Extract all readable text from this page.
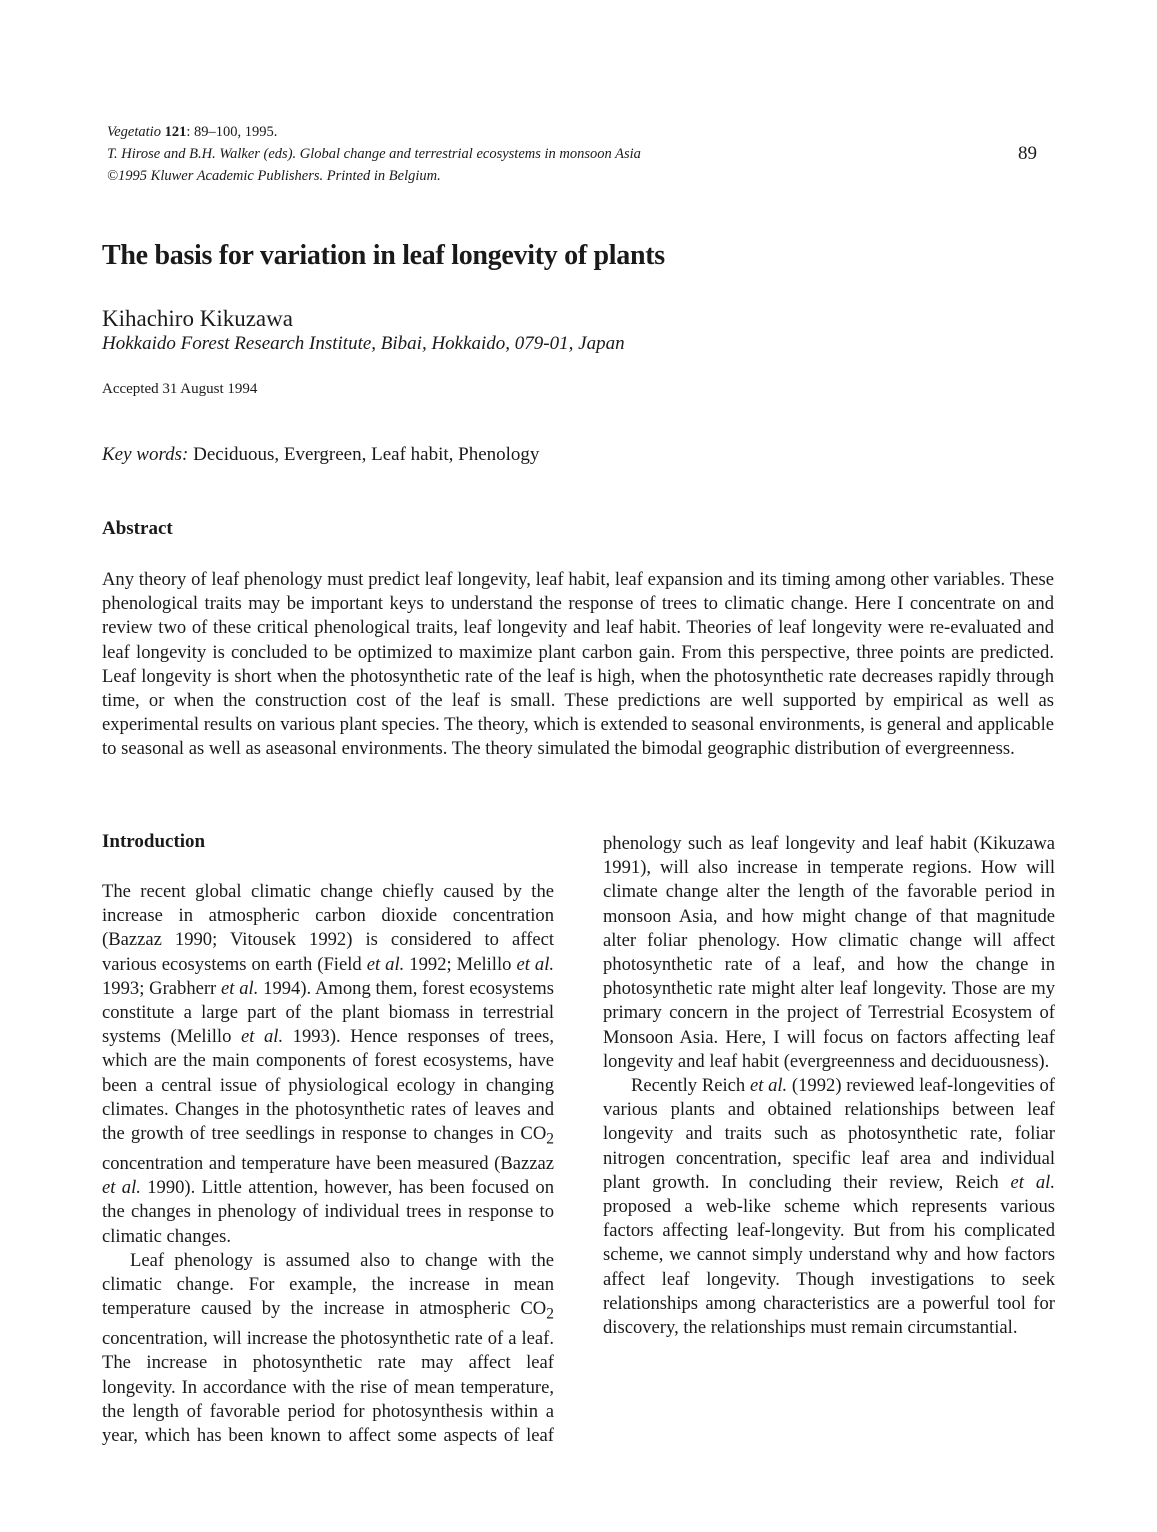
Vegetatio 121: 89–100, 1995.
T. Hirose and B.H. Walker (eds). Global change and terrestrial ecosystems in monsoon Asia
©1995 Kluwer Academic Publishers. Printed in Belgium.
89
The basis for variation in leaf longevity of plants
Kihachiro Kikuzawa
Hokkaido Forest Research Institute, Bibai, Hokkaido, 079-01, Japan
Accepted 31 August 1994
Key words: Deciduous, Evergreen, Leaf habit, Phenology
Abstract

Any theory of leaf phenology must predict leaf longevity, leaf habit, leaf expansion and its timing among other variables. These phenological traits may be important keys to understand the response of trees to climatic change. Here I concentrate on and review two of these critical phenological traits, leaf longevity and leaf habit. Theories of leaf longevity were re-evaluated and leaf longevity is concluded to be optimized to maximize plant carbon gain. From this perspective, three points are predicted. Leaf longevity is short when the photosynthetic rate of the leaf is high, when the photosynthetic rate decreases rapidly through time, or when the construction cost of the leaf is small. These predictions are well supported by empirical as well as experimental results on various plant species. The theory, which is extended to seasonal environments, is general and applicable to seasonal as well as aseasonal environments. The theory simulated the bimodal geographic distribution of evergreenness.

Introduction

The recent global climatic change chiefly caused by the increase in atmospheric carbon dioxide concentration (Bazzaz 1990; Vitousek 1992) is considered to affect various ecosystems on earth (Field et al. 1992; Melillo et al. 1993; Grabherr et al. 1994). Among them, forest ecosystems constitute a large part of the plant biomass in terrestrial systems (Melillo et al. 1993). Hence responses of trees, which are the main components of forest ecosystems, have been a central issue of physiological ecology in changing climates. Changes in the photosynthetic rates of leaves and the growth of tree seedlings in response to changes in $CO_2$ concentration and temperature have been measured (Bazzaz et al. 1990). Little attention, however, has been focused on the changes in phenology of individual trees in response to climatic changes.

Leaf phenology is assumed also to change with the climatic change. For example, the increase in mean temperature caused by the increase in atmospheric $CO_2$ concentration, will increase the photosynthetic rate of a leaf. The increase in photosynthetic rate may affect leaf longevity. In accordance with the rise of mean temperature, the length of favorable period for photosynthesis within a year, which has been known to affect some aspects of leaf

phenology such as leaf longevity and leaf habit (Kikuzawa 1991), will also increase in temperate regions. How will climate change alter the length of the favorable period in monsoon Asia, and how might change of that magnitude alter foliar phenology. How climatic change will affect photosynthetic rate of a leaf, and how the change in photosynthetic rate might alter leaf longevity. Those are my primary concern in the project of Terrestrial Ecosystem of Monsoon Asia. Here, I will focus on factors affecting leaf longevity and leaf habit (evergreenness and deciduousness).

Recently Reich et al. (1992) reviewed leaf-longevities of various plants and obtained relationships between leaf longevity and traits such as photosynthetic rate, foliar nitrogen concentration, specific leaf area and individual plant growth. In concluding their review, Reich et al. proposed a web-like scheme which represents various factors affecting leaf-longevity. But from his complicated scheme, we cannot simply understand why and how factors affect leaf longevity. Though investigations to seek relationships among characteristics are a powerful tool for discovery, the relationships must remain circumstantial.
